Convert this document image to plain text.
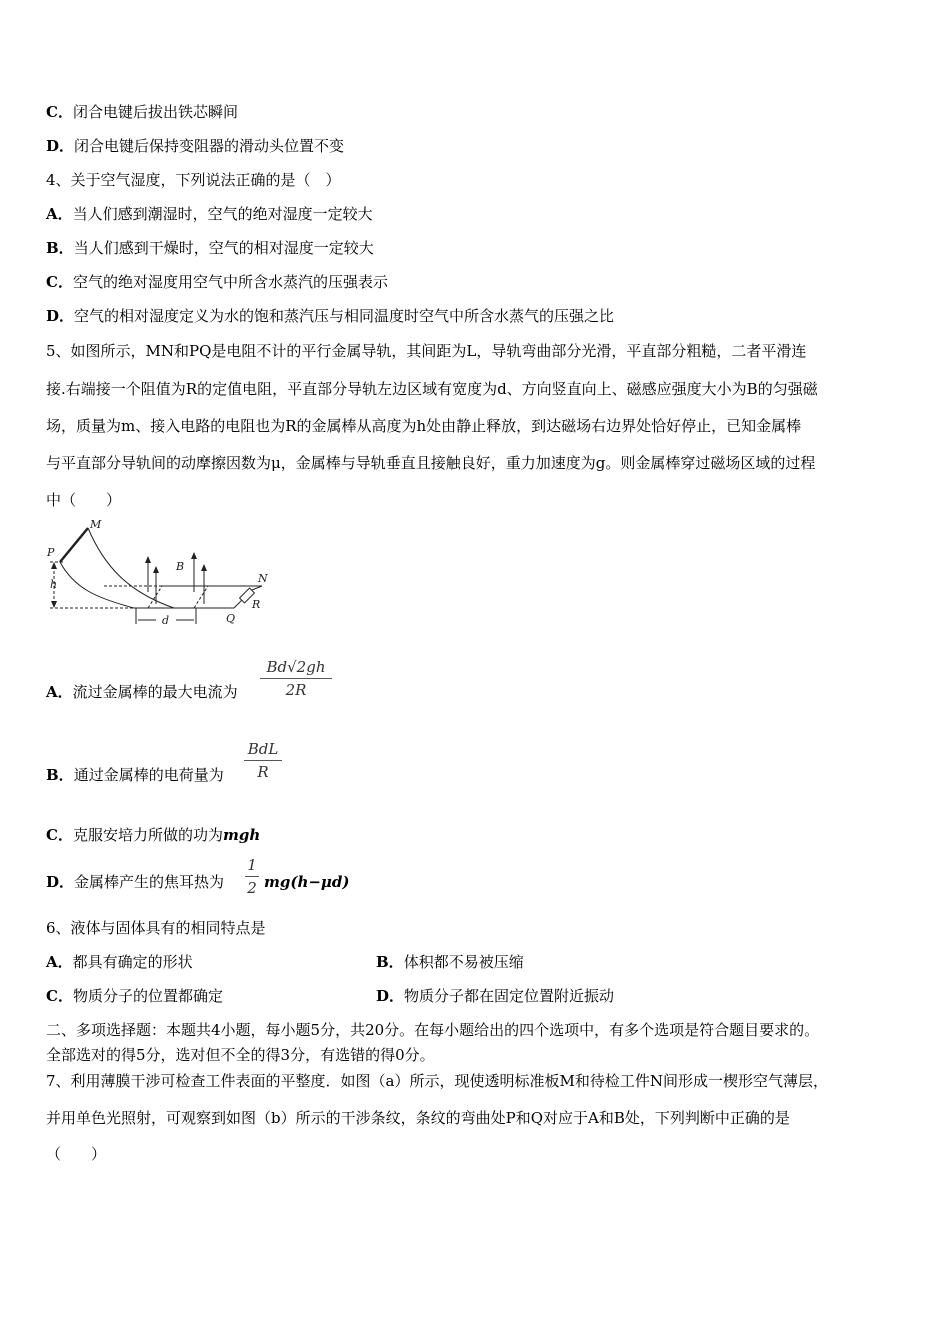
C．闭合电键后拔出铁芯瞬间
D．闭合电键后保持变阻器的滑动头位置不变
4、关于空气湿度，下列说法正确的是（　）
A．当人们感到潮湿时，空气的绝对湿度一定较大
B．当人们感到干燥时，空气的相对湿度一定较大
C．空气的绝对湿度用空气中所含水蒸汽的压强表示
D．空气的相对湿度定义为水的饱和蒸汽压与相同温度时空气中所含水蒸气的压强之比
5、如图所示，MN和PQ是电阻不计的平行金属导轨，其间距为L，导轨弯曲部分光滑，平直部分粗糙，二者平滑连
接.右端接一个阻值为R的定值电阻，平直部分导轨左边区域有宽度为d、方向竖直向上、磁感应强度大小为B的匀强磁
场，质量为m、接入电路的电阻也为R的金属棒从高度为h处由静止释放，到达磁场右边界处恰好停止，已知金属棒
与平直部分导轨间的动摩擦因数为μ，金属棒与导轨垂直且接触良好，重力加速度为g。则金属棒穿过磁场区域的过程
中（　　）
M
P
h
B
N
R
d	Q
A．流过金属棒的最大电流为
Bd√2gh
2R
B．通过金属棒的电荷量为
BdL
R
C．克服安培力所做的功为mgh
D．金属棒产生的焦耳热为
1
2 mg(h−μd)
6、液体与固体具有的相同特点是
A．都具有确定的形状	B．体积都不易被压缩
C．物质分子的位置都确定	D．物质分子都在固定位置附近振动
二、多项选择题：本题共4小题，每小题5分，共20分。在每小题给出的四个选项中，有多个选项是符合题目要求的。
全部选对的得5分，选对但不全的得3分，有选错的得0分。
7、利用薄膜干涉可检查工件表面的平整度．如图（a）所示，现使透明标准板M和待检工件N间形成一楔形空气薄层，
并用单色光照射，可观察到如图（b）所示的干涉条纹，条纹的弯曲处P和Q对应于A和B处，下列判断中正确的是
（　　）
